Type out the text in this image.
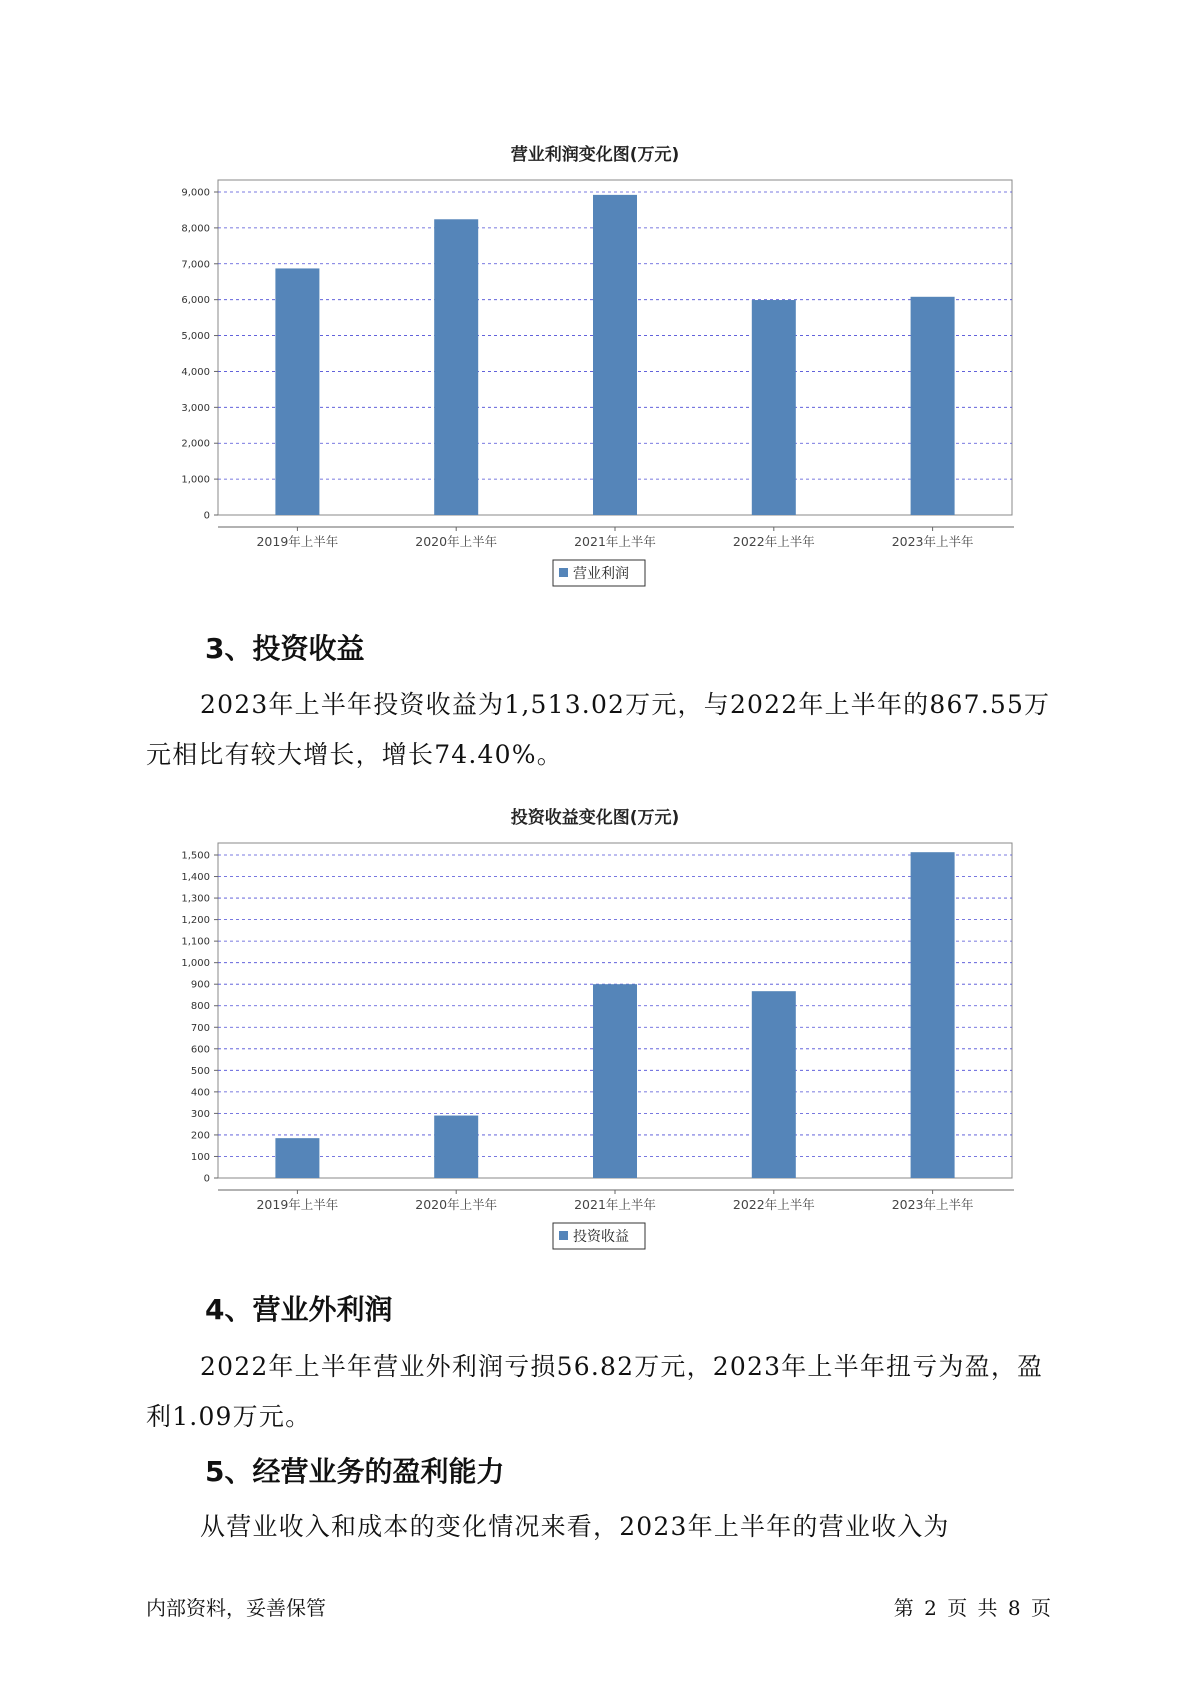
营业利润变化图(万元)
0
1,000
2,000
3,000
4,000
5,000
6,000
7,000
8,000
9,000
2019年上半年	2020年上半年	2021年上半年	2022年上半年	2023年上半年
营业利润
3、投资收益

2023年上半年投资收益为1,513.02万元，与2022年上半年的867.55万
元相比有较大增长，增长74.40%。

投资收益变化图(万元)
0
100
200
300
400
500
600
700
800
900
1,000
1,100
1,200
1,300
1,400
1,500
2019年上半年	2020年上半年	2021年上半年	2022年上半年	2023年上半年
投资收益
4、营业外利润

2022年上半年营业外利润亏损56.82万元，2023年上半年扭亏为盈，盈
利1.09万元。

5、经营业务的盈利能力

从营业收入和成本的变化情况来看，2023年上半年的营业收入为

内部资料，妥善保管	第 2 页 共 8 页
